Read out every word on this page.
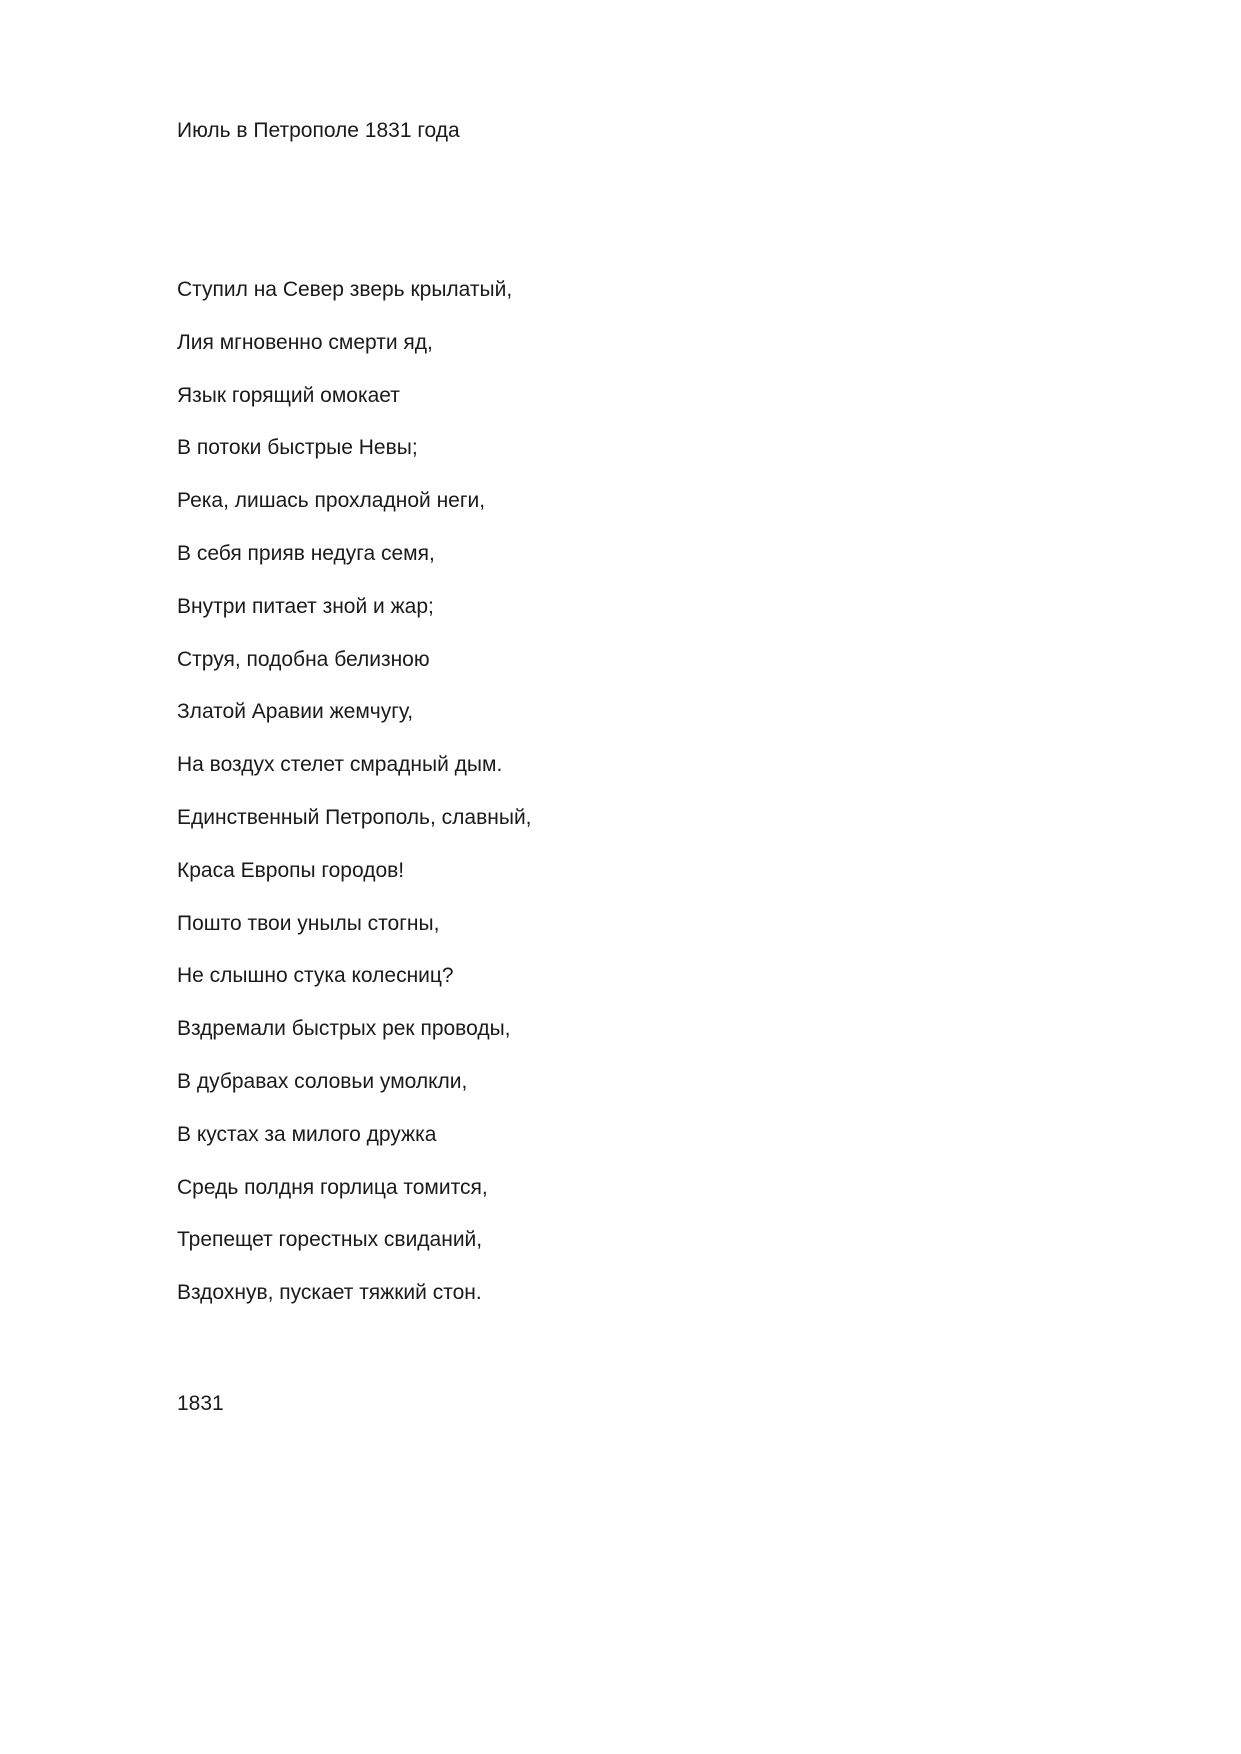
Июль в Петрополе 1831 года
Ступил на Север зверь крылатый,
Лия мгновенно смерти яд,
Язык горящий омокает
В потоки быстрые Невы;
Река, лишась прохладной неги,
В себя прияв недуга семя,
Внутри питает зной и жар;
Струя, подобна белизною
Златой Аравии жемчугу,
На воздух стелет смрадный дым.
Единственный Петрополь, славный,
Краса Европы городов!
Пошто твои унылы стогны,
Не слышно стука колесниц?
Вздремали быстрых рек проводы,
В дубравах соловьи умолкли,
В кустах за милого дружка
Средь полдня горлица томится,
Трепещет горестных свиданий,
Вздохнув, пускает тяжкий стон.
1831
